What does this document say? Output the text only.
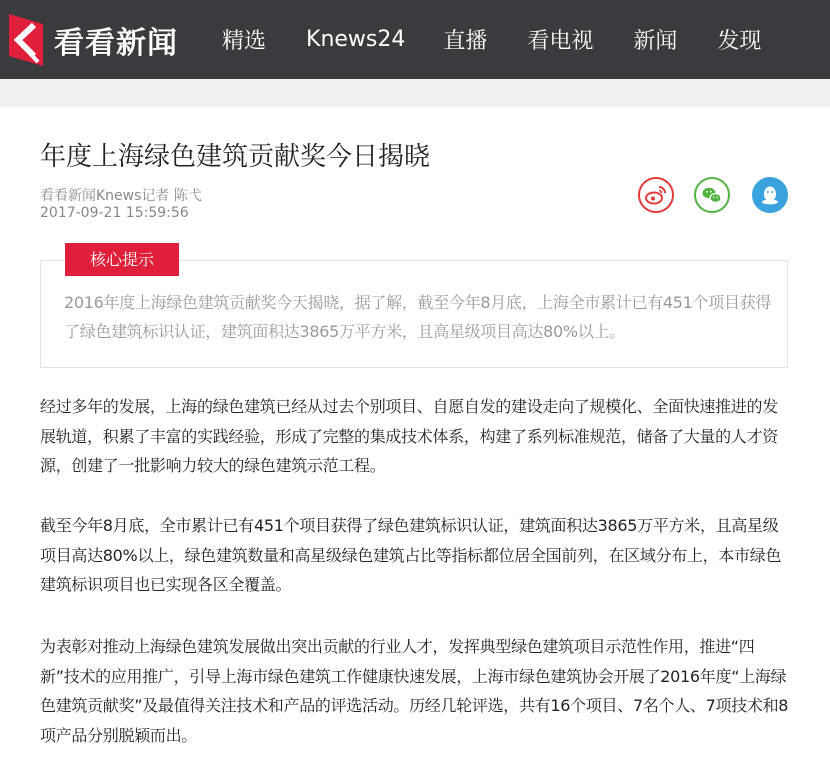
看看新闻 精选 Knews24 直播 看电视 新闻 发现
年度上海绿色建筑贡献奖今日揭晓
看看新闻Knews记者 陈弋
2017-09-21 15:59:56
核心提示
2016年度上海绿色建筑贡献奖今天揭晓，据了解，截至今年8月底，上海全市累计已有451个项目获得了绿色建筑标识认证，建筑面积达3865万平方米，且高星级项目高达80%以上。
经过多年的发展，上海的绿色建筑已经从过去个别项目、自愿自发的建设走向了规模化、全面快速推进的发展轨道，积累了丰富的实践经验，形成了完整的集成技术体系，构建了系列标准规范，储备了大量的人才资源，创建了一批影响力较大的绿色建筑示范工程。
截至今年8月底，全市累计已有451个项目获得了绿色建筑标识认证，建筑面积达3865万平方米，且高星级项目高达80%以上，绿色建筑数量和高星级绿色建筑占比等指标都位居全国前列，在区域分布上，本市绿色建筑标识项目也已实现各区全覆盖。
为表彰对推动上海绿色建筑发展做出突出贡献的行业人才，发挥典型绿色建筑项目示范性作用，推进“四新”技术的应用推广，引导上海市绿色建筑工作健康快速发展，上海市绿色建筑协会开展了2016年度“上海绿色建筑贡献奖”及最值得关注技术和产品的评选活动。历经几轮评选，共有16个项目、7名个人、7项技术和8项产品分别脱颖而出。
